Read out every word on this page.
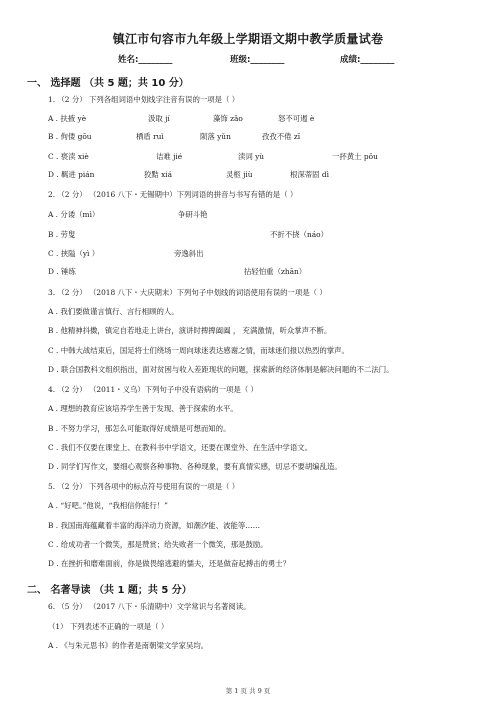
镇江市句容市九年级上学期语文期中教学质量试卷
姓名:________	班级:________	成绩:________
一、 选择题 （共 5 题；共 10 分）
1. （2 分） 下列各组词语中划线字注音有误的一项是（ ）
A . 扶掖 yè	汲取 jí	藻饰 zǎo	怒不可遏 è
B . 佝偻 gōu	栖盾 ruì	陨落 yǔn	孜孜不倦 zī
C . 亵渎 xiè	诘难 jié	渎词 yù	一抔黄土 pǒu
D . 羁进 pián	狡黠 xiá	灵柩 jiù	根深蒂固 dì
2. （2 分） （2016 八下・无锡期中）下列词语的拼音与书写有错的是（ ）
A . 分诿（mì）	争研斗艳
B . 劳叟	不折不挠（náo）
C . 挟隘（yì ）	旁逸斜出
D . 锤练	拈轻怕重（zhān）
3. （2 分） （2018 八下・大庆期末）下列句子中划线的词语使用有误的一项是（ ）
A . 我们要做谨言慎行、言行相顾的人。
B . 他精神抖擞，镇定自若地走上讲台，演讲时捭捭阖阖 ， 充满激情，听众掌声不断。
C . 中韩大战结束后，国足将士们绕场一周向球迷表达感谢之情，而球迷们报以热烈的掌声。
D . 联合国教科文组织指出，面对贫困与收入差距现状的问题，探索新的经济体制是解决问题的不二法门。
4. （2 分） （2011・义乌）下列句子中没有语病的一项是（ ）
A . 理想的教育应该培养学生善于发现、善于探索的水平。
B . 不努力学习，那怎么可能取得好成绩是可想而知的。
C . 我们不仅要在课堂上、在教科书中学语文，还要在课堂外、在生活中学语文。
D . 同学们写作文，要细心观察各种事物、各种现象，要有真情实感，切忌不要胡编乱造。
5. （2 分） 下列各项中的标点符号使用有误的一项是（ ）
A . “好吧。”他说，“我相信你能行！”
B . 我国南海蕴藏着丰富的海洋动力资源，如潮汐能、波能等……
C . 给成功者一个微笑，那是赞赏；给失败者一个微笑，那是鼓励。
D . 在挫折和磨难面前，你是做畏缩逃避的懦夫，还是做奋起搏击的勇士？
二、 名著导读 （共 1 题；共 5 分）
6. （5 分） （2017 八下・乐清期中）文学常识与名著阅读。
（1） 下列表述不正确的一项是（ ）
A . 《与朱元思书》的作者是南朝梁文学家吴均。
第 1 页 共 9 页
